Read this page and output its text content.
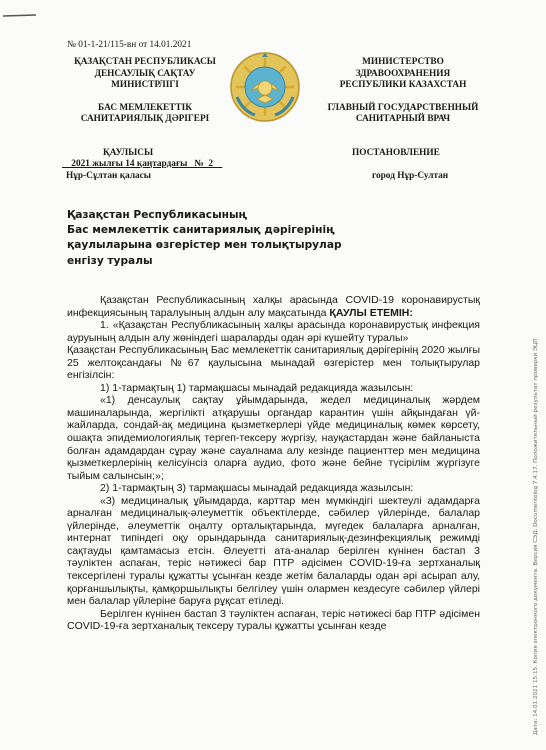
№ 01-1-21/115-вн от 14.01.2021
ҚАЗАҚСТАН РЕСПУБЛИКАСЫ
ДЕНСАУЛЫҚ САҚТАУ
МИНИСТРЛІГІ
БАС МЕМЛЕКЕТТІК
САНИТАРИЯЛЫҚ ДӘРІГЕРІ
МИНИСТЕРСТВО
ЗДРАВООХРАНЕНИЯ
РЕСПУБЛИКИ КАЗАХСТАН
ГЛАВНЫЙ ГОСУДАРСТВЕННЫЙ
САНИТАРНЫЙ ВРАЧ
ҚАУЛЫСЫ	ПОСТАНОВЛЕНИЕ
2021 жылғы 14 қаңтардағы   №  2
Нұр-Сұлтан қаласы	город Нұр-Султан
Қазақстан Республикасының
Бас мемлекеттік санитариялық дәрігерінің
қаулыларына өзгерістер мен толықтырулар
енгізу туралы

Қазақстан Республикасының халқы арасында COVID-19 коронавирустық инфекциясының таралуының алдын алу мақсатында ҚАУЛЫ ЕТЕМІН:

1. «Қазақстан Республикасының халқы арасында коронавирустық инфекция ауруының алдын алу жөніндегі шараларды одан әрі күшейту туралы»

Қазақстан Республикасының Бас мемлекеттік санитариялық дәрігерінің 2020 жылғы 25 желтоқсандағы №67 қаулысына мынадай өзгерістер мен толықтырулар енгізілсін:

1) 1-тармақтың 1) тармақшасы мынадай редакцияда жазылсын:

«1) денсаулық сақтау ұйымдарында, жедел медициналық жәрдем машиналарында, жергілікті атқарушы органдар карантин үшін айқындаған үй-жайларда, сондай-ақ медицина қызметкерлері үйде медициналық көмек көрсету, ошақта эпидемиологиялық тергеп-тексеру жүргізу, науқастардан және байланыста болған адамдардан сұрау және сауалнама алу кезінде пациенттер мен медицина қызметкерлерінің келісуінсіз оларға аудио, фото және бейне түсірілім жүргізуге тыйым салынсын;»;

2) 1-тармақтың 3) тармақшасы мынадай редакцияда жазылсын:

«3) медициналық ұйымдарда, карттар мен мүмкіндігі шектеулі адамдарға арналған медициналық-әлеуметтік объектілерде, сәбилер үйлерінде, балалар үйлерінде, әлеуметтік оңалту орталықтарында, мүгедек балаларға арналған, интернат типіндегі оқу орындарында санитариялық-дезинфекциялық режимді сақтауды қамтамасыз етсін. Әлеуетті ата-аналар берілген күнінен бастап 3 тәуліктен аспаған, теріс нәтижесі бар ПТР әдісімен COVID-19-ға зертханалық тексергілені туралы құжатты ұсынған кезде жетім балаларды одан әрі асырап алу, қорғаншылықты, қамқоршылықты белгілеу үшін олармен кездесуге сәбилер үйлері мен балалар үйлеріне баруға рұқсат етіледі.

Берілген күнінен бастап 3 тәуліктен аспаған, теріс нәтижесі бар ПТР әдісімен COVID-19-ға зертханалық тексеру туралы құжатты ұсынған кезде	Дата: 14.01.2021 15:15. Копия электронного документа. Версия СЭД: Documentolog 7.4.17. Положительный результат проверки ЭЦП
